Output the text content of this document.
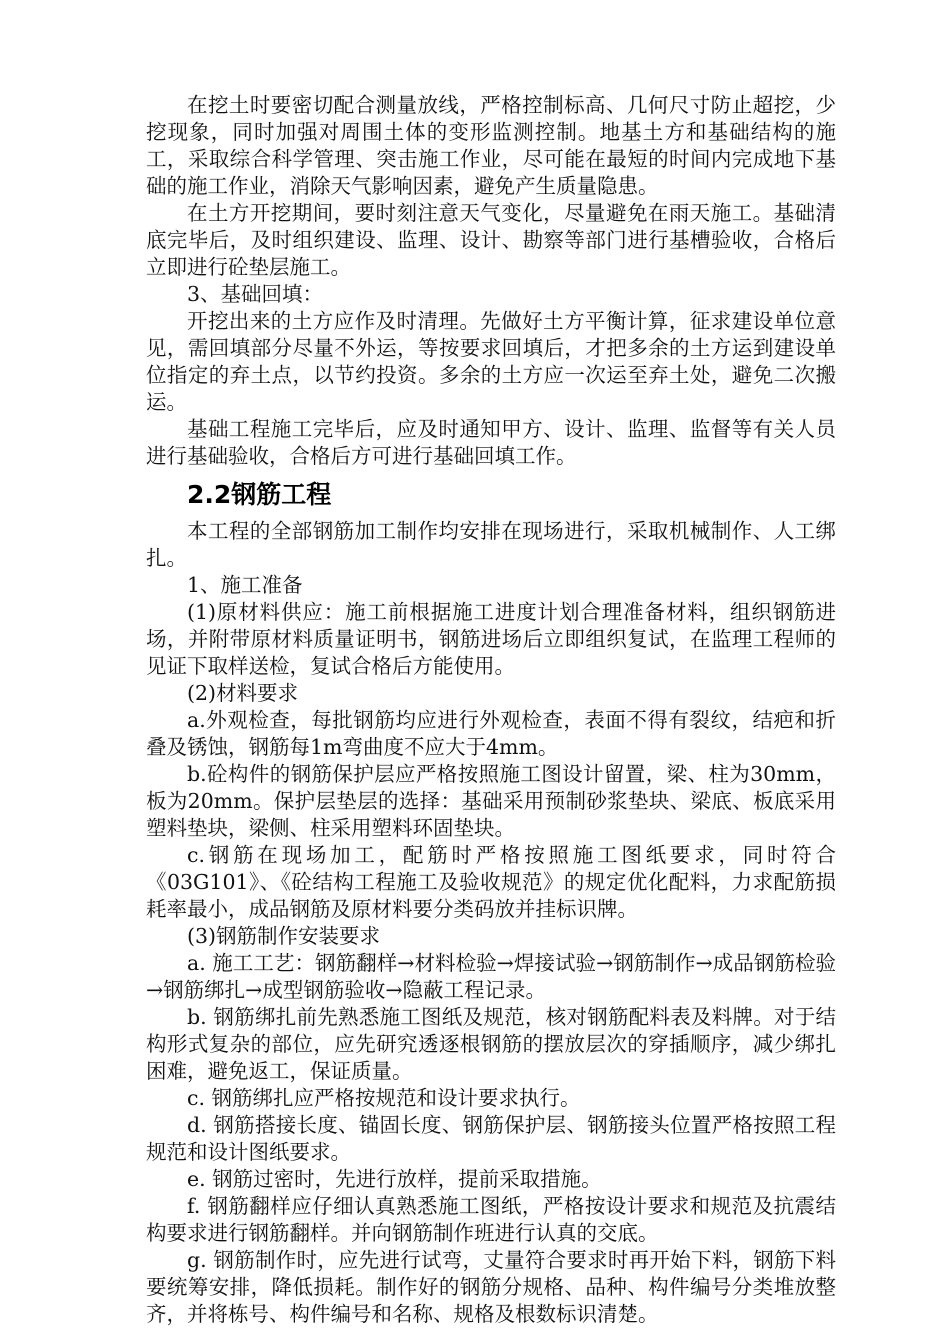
在挖土时要密切配合测量放线，严格控制标高、几何尺寸防止超挖，少挖现象，同时加强对周围土体的变形监测控制。地基土方和基础结构的施工，采取综合科学管理、突击施工作业，尽可能在最短的时间内完成地下基础的施工作业，消除天气影响因素，避免产生质量隐患。

在土方开挖期间，要时刻注意天气变化，尽量避免在雨天施工。基础清底完毕后，及时组织建设、监理、设计、勘察等部门进行基槽验收，合格后立即进行砼垫层施工。

3、基础回填：

开挖出来的土方应作及时清理。先做好土方平衡计算，征求建设单位意见，需回填部分尽量不外运，等按要求回填后，才把多余的土方运到建设单位指定的弃土点，以节约投资。多余的土方应一次运至弃土处，避免二次搬运。

基础工程施工完毕后，应及时通知甲方、设计、监理、监督等有关人员进行基础验收，合格后方可进行基础回填工作。

2.2钢筋工程

本工程的全部钢筋加工制作均安排在现场进行，采取机械制作、人工绑扎。

1、施工准备

(1)原材料供应：施工前根据施工进度计划合理准备材料，组织钢筋进场，并附带原材料质量证明书，钢筋进场后立即组织复试，在监理工程师的见证下取样送检，复试合格后方能使用。

(2)材料要求

a.外观检查，每批钢筋均应进行外观检查，表面不得有裂纹，结疤和折叠及锈蚀，钢筋每1m弯曲度不应大于4mm。

b.砼构件的钢筋保护层应严格按照施工图设计留置，梁、柱为30mm，板为20mm。保护层垫层的选择：基础采用预制砂浆垫块、梁底、板底采用塑料垫块，梁侧、柱采用塑料环固垫块。

c.钢筋在现场加工，配筋时严格按照施工图纸要求，同时符合《03G101》、《砼结构工程施工及验收规范》的规定优化配料，力求配筋损耗率最小，成品钢筋及原材料要分类码放并挂标识牌。

(3)钢筋制作安装要求

a. 施工工艺：钢筋翻样→材料检验→焊接试验→钢筋制作→成品钢筋检验→钢筋绑扎→成型钢筋验收→隐蔽工程记录。

b. 钢筋绑扎前先熟悉施工图纸及规范，核对钢筋配料表及料牌。对于结构形式复杂的部位，应先研究透逐根钢筋的摆放层次的穿插顺序，减少绑扎困难，避免返工，保证质量。

c. 钢筋绑扎应严格按规范和设计要求执行。

d. 钢筋搭接长度、锚固长度、钢筋保护层、钢筋接头位置严格按照工程规范和设计图纸要求。

e. 钢筋过密时，先进行放样，提前采取措施。

f. 钢筋翻样应仔细认真熟悉施工图纸，严格按设计要求和规范及抗震结构要求进行钢筋翻样。并向钢筋制作班进行认真的交底。

g. 钢筋制作时，应先进行试弯，丈量符合要求时再开始下料，钢筋下料要统筹安排，降低损耗。制作好的钢筋分规格、品种、构件编号分类堆放整齐，并将栋号、构件编号和名称、规格及根数标识清楚。
